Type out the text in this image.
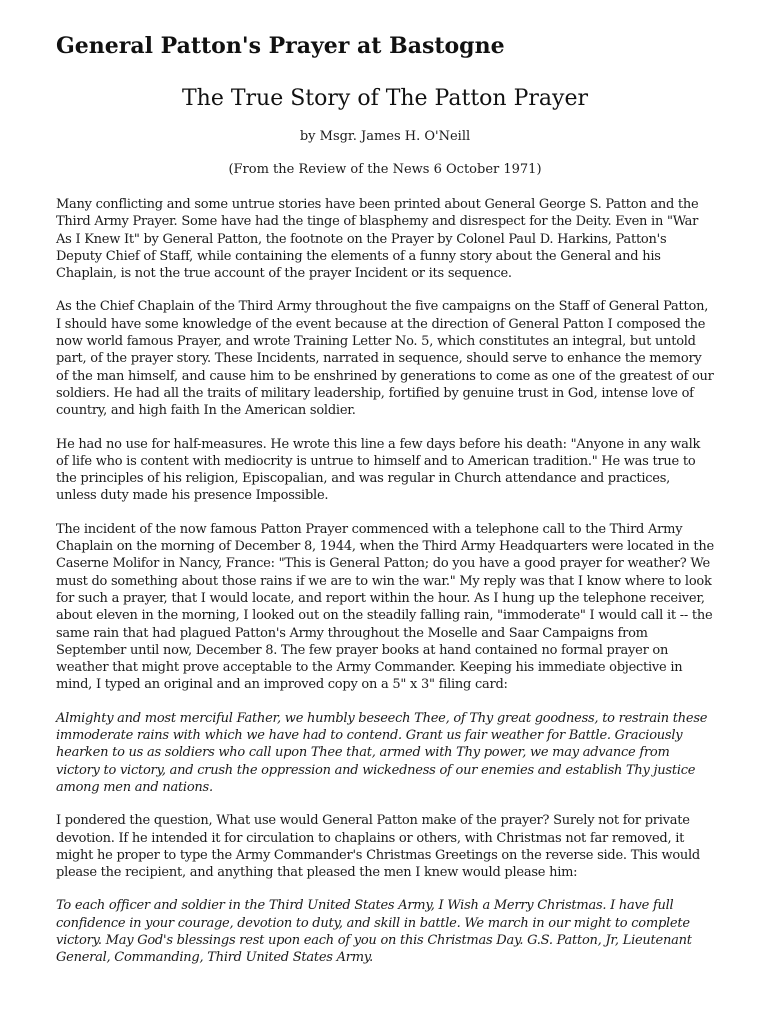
General Patton's Prayer at Bastogne
The True Story of The Patton Prayer

by Msgr. James H. O'Neill

(From the Review of the News 6 October 1971)

Many conflicting and some untrue stories have been printed about General George S. Patton and the Third Army Prayer. Some have had the tinge of blasphemy and disrespect for the Deity. Even in "War As I Knew It" by General Patton, the footnote on the Prayer by Colonel Paul D. Harkins, Patton's Deputy Chief of Staff, while containing the elements of a funny story about the General and his Chaplain, is not the true account of the prayer Incident or its sequence.

As the Chief Chaplain of the Third Army throughout the five campaigns on the Staff of General Patton, I should have some knowledge of the event because at the direction of General Patton I composed the now world famous Prayer, and wrote Training Letter No. 5, which constitutes an integral, but untold part, of the prayer story. These Incidents, narrated in sequence, should serve to enhance the memory of the man himself, and cause him to be enshrined by generations to come as one of the greatest of our soldiers. He had all the traits of military leadership, fortified by genuine trust in God, intense love of country, and high faith In the American soldier.

He had no use for half-measures. He wrote this line a few days before his death: "Anyone in any walk of life who is content with mediocrity is untrue to himself and to American tradition." He was true to the principles of his religion, Episcopalian, and was regular in Church attendance and practices, unless duty made his presence Impossible.

The incident of the now famous Patton Prayer commenced with a telephone call to the Third Army Chaplain on the morning of December 8, 1944, when the Third Army Headquarters were located in the Caserne Molifor in Nancy, France: "This is General Patton; do you have a good prayer for weather? We must do something about those rains if we are to win the war." My reply was that I know where to look for such a prayer, that I would locate, and report within the hour. As I hung up the telephone receiver, about eleven in the morning, I looked out on the steadily falling rain, "immoderate" I would call it -- the same rain that had plagued Patton's Army throughout the Moselle and Saar Campaigns from September until now, December 8. The few prayer books at hand contained no formal prayer on weather that might prove acceptable to the Army Commander. Keeping his immediate objective in mind, I typed an original and an improved copy on a 5" x 3" filing card:

Almighty and most merciful Father, we humbly beseech Thee, of Thy great goodness, to restrain these immoderate rains with which we have had to contend. Grant us fair weather for Battle. Graciously hearken to us as soldiers who call upon Thee that, armed with Thy power, we may advance from victory to victory, and crush the oppression and wickedness of our enemies and establish Thy justice among men and nations.

I pondered the question, What use would General Patton make of the prayer? Surely not for private devotion. If he intended it for circulation to chaplains or others, with Christmas not far removed, it might he proper to type the Army Commander's Christmas Greetings on the reverse side. This would please the recipient, and anything that pleased the men I knew would please him:

To each officer and soldier in the Third United States Army, I Wish a Merry Christmas. I have full confidence in your courage, devotion to duty, and skill in battle. We march in our might to complete victory. May God's blessings rest upon each of you on this Christmas Day. G.S. Patton, Jr, Lieutenant General, Commanding, Third United States Army.
